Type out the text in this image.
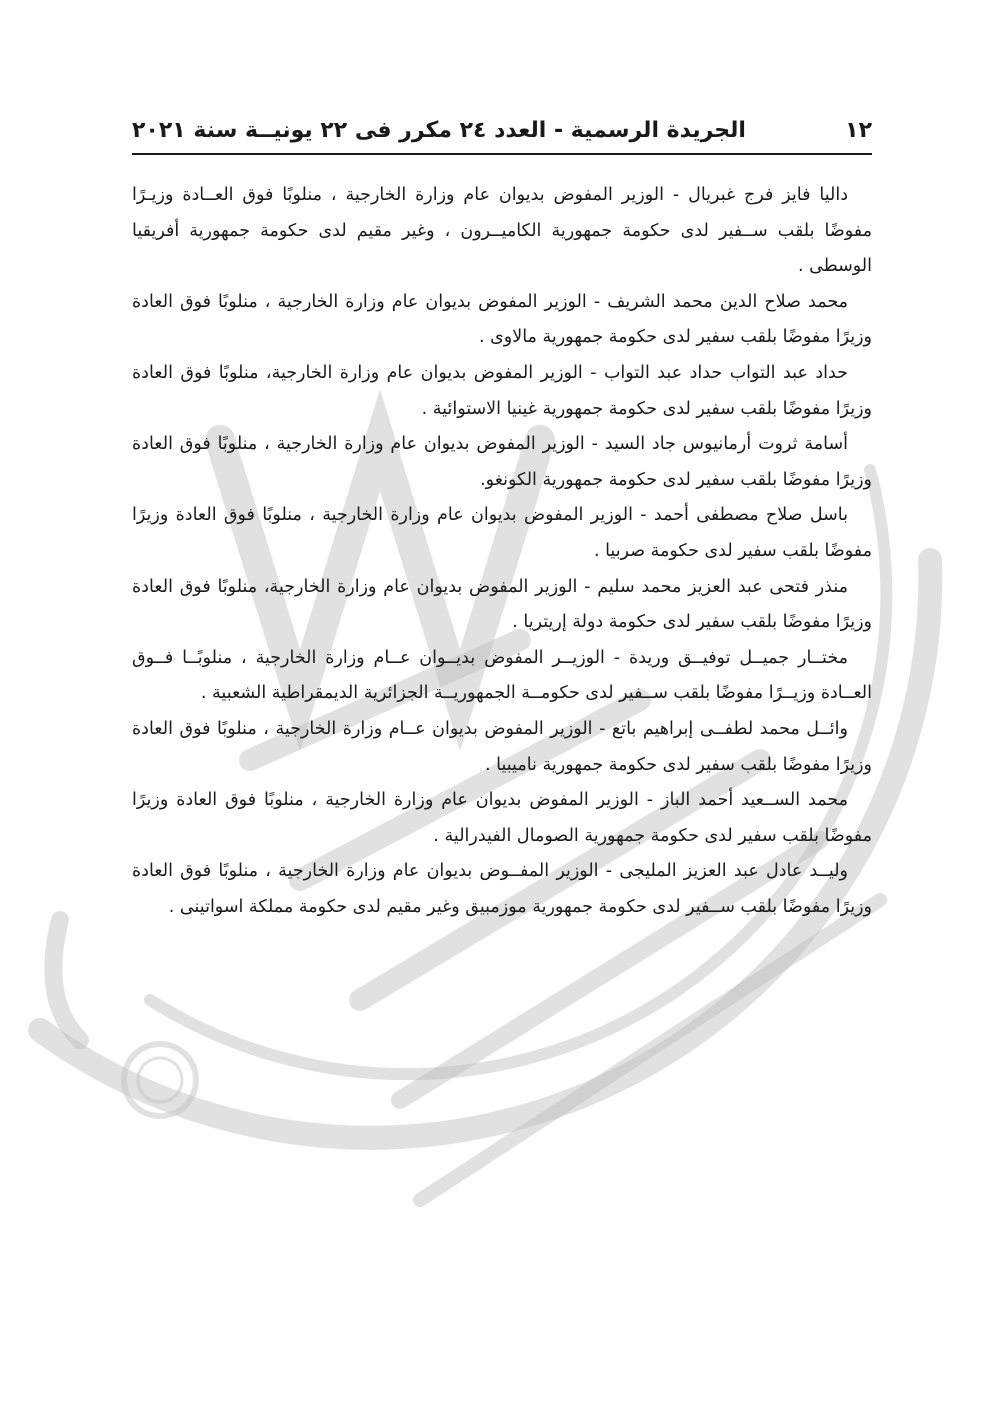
١٢
الجريدة الرسمية - العدد ٢٤ مكرر فى ٢٢ يونيــة سنة ٢٠٢١

داليا فايز فرج غبريال - الوزير المفوض بديوان عام وزارة الخارجية ، منلوبًا فوق العــادة وزيـرًا مفوضًا بلقب ســفير لدى حكومة جمهورية الكاميــرون ، وغير مقيم لدى حكومة جمهورية أفريقيا الوسطى .

محمد صلاح الدين محمد الشريف - الوزير المفوض بديوان عام وزارة الخارجية ، منلوبًا فوق العادة وزيرًا مفوضًا بلقب سفير لدى حكومة جمهورية مالاوى .

حداد عبد التواب حداد عبد التواب - الوزير المفوض بديوان عام وزارة الخارجية، منلوبًا فوق العادة وزيرًا مفوضًا بلقب سفير لدى حكومة جمهورية غينيا الاستوائية .

أسامة ثروت أرمانيوس جاد السيد - الوزير المفوض بديوان عام وزارة الخارجية ، منلوبًا فوق العادة وزيرًا مفوضًا بلقب سفير لدى حكومة جمهورية الكونغو.

باسل صلاح مصطفى أحمد - الوزير المفوض بديوان عام وزارة الخارجية ، منلوبًا فوق العادة وزيرًا مفوضًا بلقب سفير لدى حكومة صربيا .

منذر فتحى عبد العزيز محمد سليم - الوزير المفوض بديوان عام وزارة الخارجية، منلوبًا فوق العادة وزيرًا مفوضًا بلقب سفير لدى حكومة دولة إريتريا .

مختــار جميــل توفيــق وريدة - الوزيــر المفوض بديــوان عــام وزارة الخارجية ، منلوبًــا فــوق العــادة وزيــرًا مفوضًا بلقب ســفير لدى حكومــة الجمهوريــة الجزائرية الديمقراطية الشعبية .

وائــل محمد لطفــى إبراهيم باتع - الوزير المفوض بديوان عــام وزارة الخارجية ، منلوبًا فوق العادة وزيرًا مفوضًا بلقب سفير لدى حكومة جمهورية ناميبيا .

محمد الســعيد أحمد الباز - الوزير المفوض بديوان عام وزارة الخارجية ، منلوبًا فوق العادة وزيرًا مفوضًا بلقب سفير لدى حكومة جمهورية الصومال الفيدرالية .

وليــد عادل عبد العزيز المليجى - الوزير المفــوض بديوان عام وزارة الخارجية ، منلوبًا فوق العادة وزيرًا مفوضًا بلقب ســفير لدى حكومة جمهورية موزمبيق وغير مقيم لدى حكومة مملكة اسواتينى .
